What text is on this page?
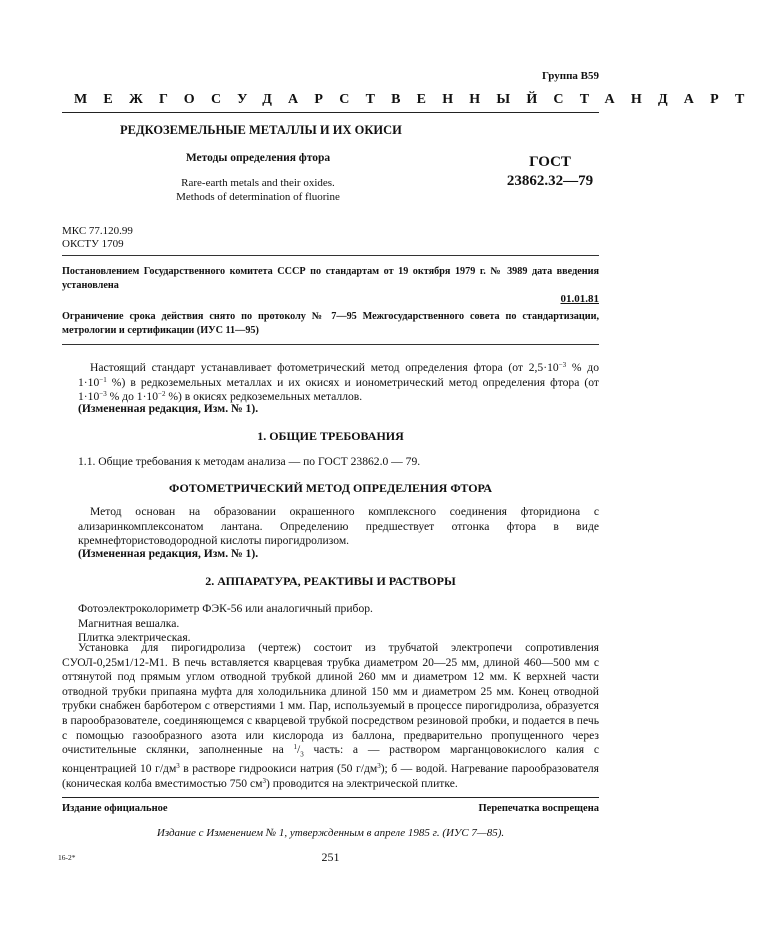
Группа В59
МЕЖГОСУДАРСТВЕННЫЙ СТАНДАРТ
РЕДКОЗЕМЕЛЬНЫЕ МЕТАЛЛЫ И ИХ ОКИСИ
Методы определения фтора
Rare-earth metals and their oxides.
Methods of determination of fluorine
ГОСТ
23862.32—79
МКС 77.120.99
ОКСТУ 1709
Постановлением Государственного комитета СССР по стандартам от 19 октября 1979 г. № 3989 дата введения установлена
01.01.81
Ограничение срока действия снято по протоколу № 7—95 Межгосударственного совета по стандартизации, метрологии и сертификации (ИУС 11—95)
Настоящий стандарт устанавливает фотометрический метод определения фтора (от $2,5\cdot 10^{-3}$ % до $1\cdot 10^{-1}$ %) в редкоземельных металлах и их окисях и ионометрический метод определения фтора (от $1\cdot 10^{-3}$ % до $1\cdot 10^{-2}$ %) в окисях редкоземельных металлов.
(Измененная редакция, Изм. № 1).
1. ОБЩИЕ ТРЕБОВАНИЯ
1.1. Общие требования к методам анализа — по ГОСТ 23862.0 — 79.
ФОТОМЕТРИЧЕСКИЙ МЕТОД ОПРЕДЕЛЕНИЯ ФТОРА
Метод основан на образовании окрашенного комплексного соединения фторидиона с ализаринкомплексонатом лантана. Определению предшествует отгонка фтора в виде кремнефтористоводородной кислоты пирогидролизом.
(Измененная редакция, Изм. № 1).
2. АППАРАТУРА, РЕАКТИВЫ И РАСТВОРЫ
Фотоэлектроколориметр ФЭК-56 или аналогичный прибор.
Магнитная вешалка.
Плитка электрическая.
Установка для пирогидролиза (чертеж) состоит из трубчатой электропечи сопротивления СУОЛ-0,25м1/12-М1. В печь вставляется кварцевая трубка диаметром 20—25 мм, длиной 460—500 мм с оттянутой под прямым углом отводной трубкой длиной 260 мм и диаметром 12 мм. К верхней части отводной трубки припаяна муфта для холодильника длиной 150 мм и диаметром 25 мм. Конец отводной трубки снабжен барботером с отверстиями 1 мм. Пар, используемый в процессе пирогидролиза, образуется в парообразователе, соединяющемся с кварцевой трубкой посредством резиновой пробки, и подается в печь с помощью газообразного азота или кислорода из баллона, предварительно пропущенного через очистительные склянки, заполненные на $^1/_3$ часть: а — раствором марганцовокислого калия с концентрацией 10 $г/дм^3$ в растворе гидроокиси натрия (50 $г/дм^3$); б — водой. Нагревание парообразователя (коническая колба вместимостью 750 $см^3$) проводится на электрической плитке.
Издание официальное	Перепечатка воспрещена
Издание с Изменением № 1, утвержденным в апреле 1985 г. (ИУС 7—85).
16-2*	251
